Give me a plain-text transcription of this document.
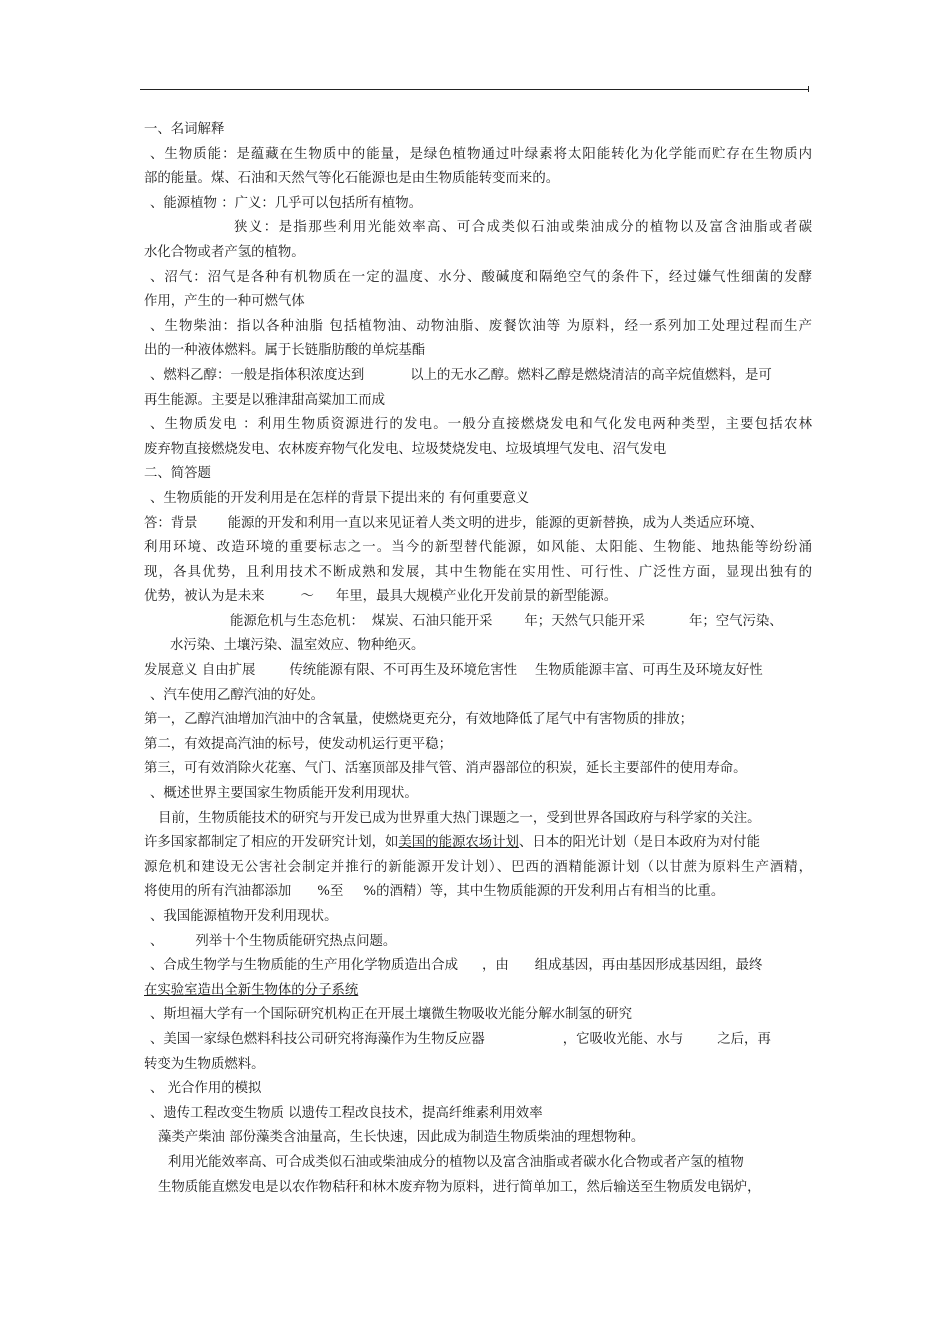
一、名词解释
、生物质能：是蕴藏在生物质中的能量，是绿色植物通过叶绿素将太阳能转化为化学能而贮存在生物质内
部的能量。煤、石油和天然气等化石能源也是由生物质能转变而来的。
、能源植物 ：广义：几乎可以包括所有植物。
狭义：是指那些利用光能效率高、可合成类似石油或柴油成分的植物以及富含油脂或者碳
水化合物或者产氢的植物。
、沼气：沼气是各种有机物质在一定的温度、水分、酸碱度和隔绝空气的条件下，经过嫌气性细菌的发酵
作用，产生的一种可燃气体
、生物柴油：指以各种油脂 包括植物油、动物油脂、废餐饮油等 为原料，经一系列加工处理过程而生产
出的一种液体燃料。属于长链脂肪酸的单烷基酯
、燃料乙醇：一般是指体积浓度达到	以上的无水乙醇。燃料乙醇是燃烧清洁的高辛烷值燃料，是可
再生能源。主要是以雅津甜高粱加工而成
、生物质发电 ：利用生物质资源进行的发电。一般分直接燃烧发电和气化发电两种类型，主要包括农林
废弃物直接燃烧发电、农林废弃物气化发电、垃圾焚烧发电、垃圾填埋气发电、沼气发电
二、简答题
、生物质能的开发利用是在怎样的背景下提出来的 有何重要意义
答：背景 能源的开发和利用一直以来见证着人类文明的进步，能源的更新替换，成为人类适应环境、
利用环境、改造环境的重要标志之一。当今的新型替代能源，如风能、太阳能、生物能、地热能等纷纷涌
现，各具优势，且利用技术不断成熟和发展，其中生物能在实用性、可行性、广泛性方面，显现出独有的
优势，被认为是未来	～ 年里，最具大规模产业化开发前景的新型能源。
能源危机与生态危机： 煤炭、石油只能开采 年；天然气只能开采	年；空气污染、
水污染、土壤污染、温室效应、物种绝灭。
发展意义 自由扩展	传统能源有限、不可再生及环境危害性 生物质能源丰富、可再生及环境友好性
、汽车使用乙醇汽油的好处。
第一，乙醇汽油增加汽油中的含氧量，使燃烧更充分，有效地降低了尾气中有害物质的排放；
第二，有效提高汽油的标号，使发动机运行更平稳；
第三，可有效消除火花塞、气门、活塞顶部及排气管、消声器部位的积炭，延长主要部件的使用寿命。
、概述世界主要国家生物质能开发利用现状。
目前，生物质能技术的研究与开发已成为世界重大热门课题之一，受到世界各国政府与科学家的关注。
许多国家都制定了相应的开发研究计划，如美国的能源农场计划、日本的阳光计划（是日本政府为对付能
源危机和建设无公害社会制定并推行的新能源开发计划）、巴西的酒精能源计划（以甘蔗为原料生产酒精，
将使用的所有汽油都添加 %至 %的酒精）等，其中生物质能源的开发利用占有相当的比重。
、我国能源植物开发利用现状。
、 列举十个生物质能研究热点问题。
、合成生物学与生物质能的生产用化学物质造出合成 ，由 组成基因，再由基因形成基因组，最终
在实验室造出全新生物体的分子系统
、斯坦福大学有一个国际研究机构正在开展土壤微生物吸收光能分解水制氢的研究
、美国一家绿色燃料科技公司研究将海藻作为生物反应器	，它吸收光能、水与	之后，再
转变为生物质燃料。
、 光合作用的模拟
、遗传工程改变生物质 以遗传工程改良技术，提高纤维素利用效率
藻类产柴油 部份藻类含油量高，生长快速，因此成为制造生物质柴油的理想物种。
利用光能效率高、可合成类似石油或柴油成分的植物以及富含油脂或者碳水化合物或者产氢的植物
生物质能直燃发电是以农作物秸秆和林木废弃物为原料，进行简单加工，然后输送至生物质发电锅炉，
